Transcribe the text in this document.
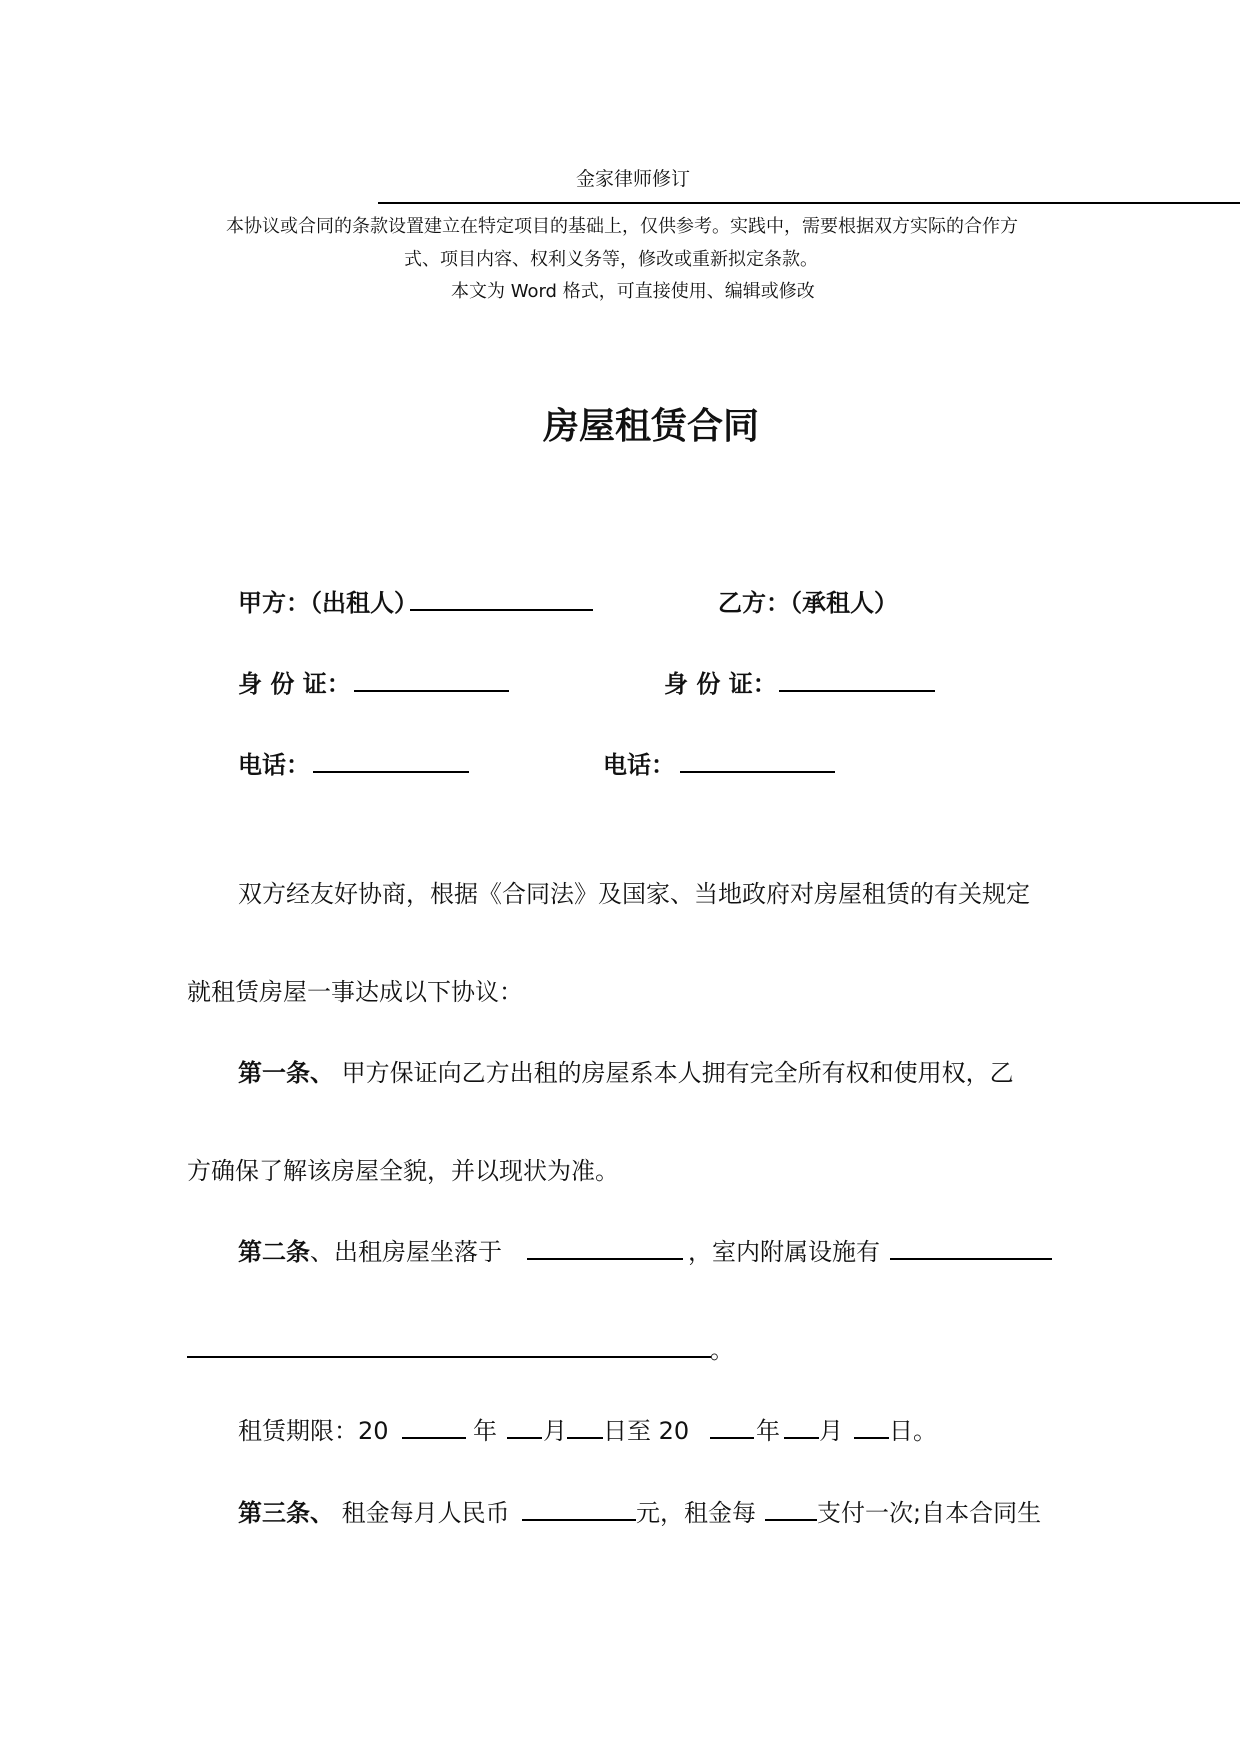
金家律师修订
本协议或合同的条款设置建立在特定项目的基础上，仅供参考。实践中，需要根据双方实际的合作方
式、项目内容、权利义务等，修改或重新拟定条款。
本文为 Word 格式，可直接使用、编辑或修改
房屋租赁合同
甲方：（出租人）	乙方：（承租人）
身 份 证：	身 份 证：
电话：	电话：
双方经友好协商，根据《合同法》及国家、当地政府对房屋租赁的有关规定
就租赁房屋一事达成以下协议：
第一条、 甲方保证向乙方出租的房屋系本人拥有完全所有权和使用权，乙
方确保了解该房屋全貌，并以现状为准。
第二条、出租房屋坐落于	，室内附属设施有
。
租赁期限：20	年 月 日至 20	年 月 日。
第三条、 租金每月人民币	元，租金每	支付一次;自本合同生
